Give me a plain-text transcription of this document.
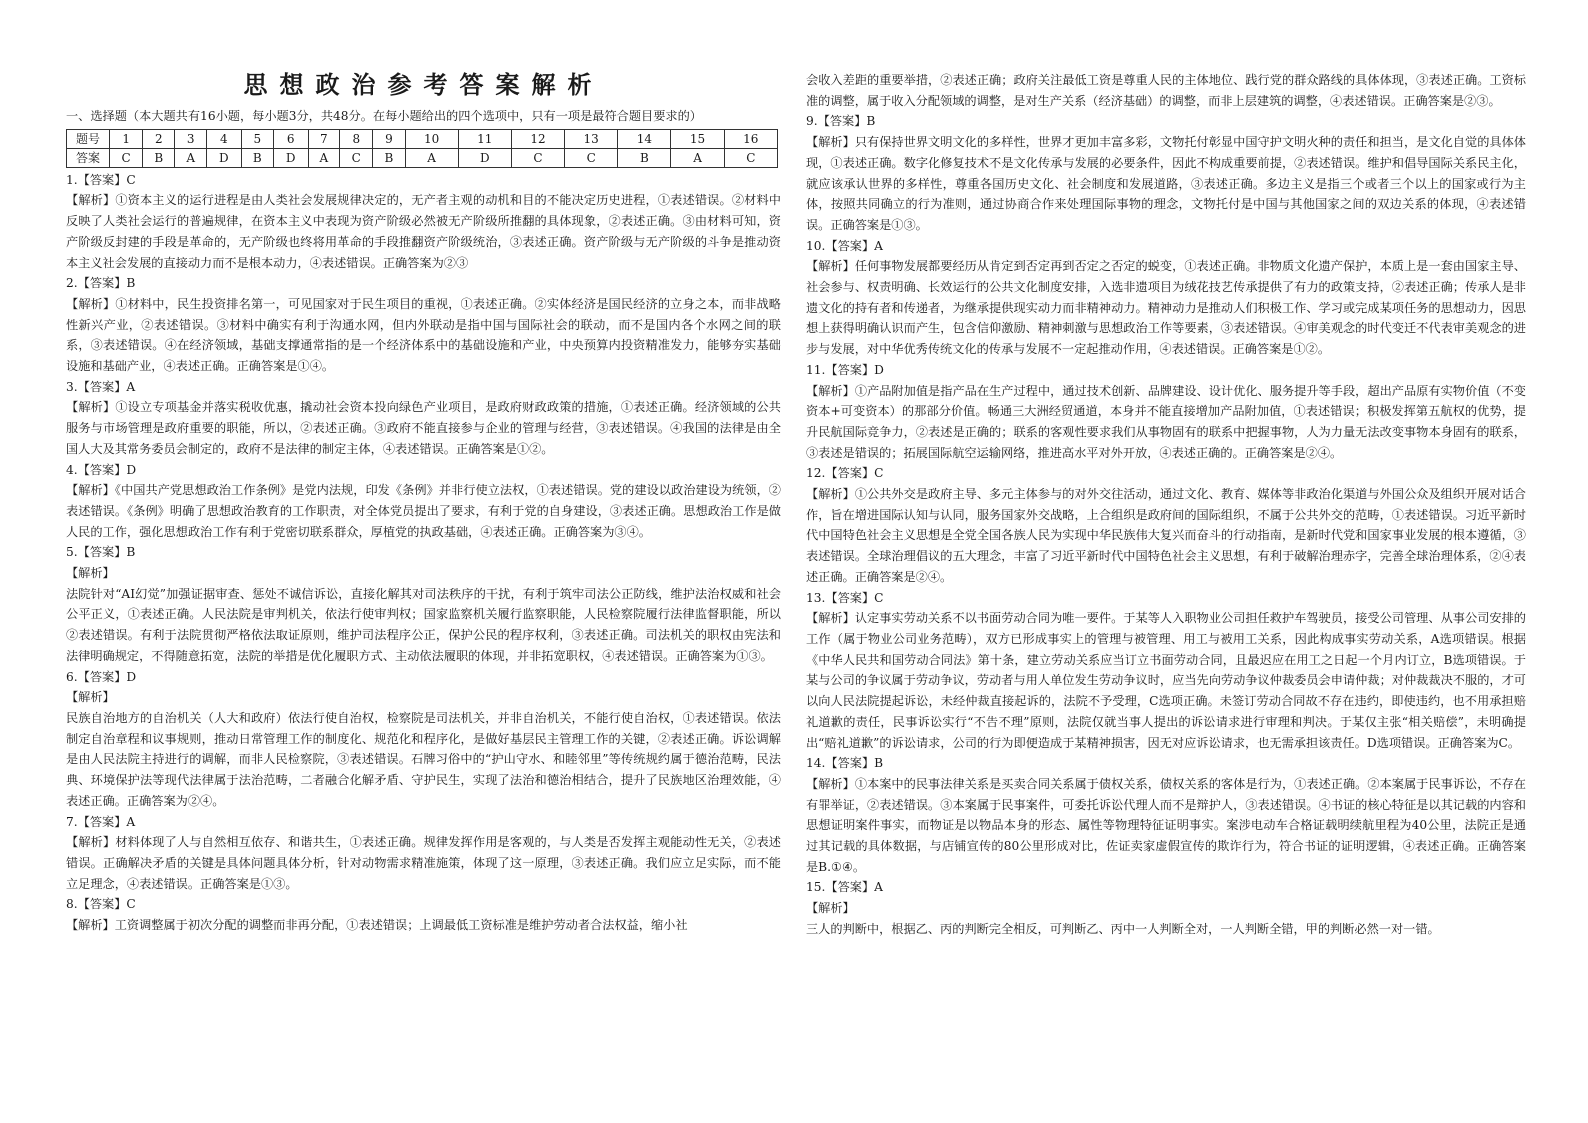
思想政治参考答案解析

一、选择题（本大题共有16小题，每小题3分，共48分。在每小题给出的四个选项中，只有一项是最符合题目要求的）

题号	1	2	3	4	5	6	7	8	9	10	11	12	13	14	15	16
答案	C	B	A	D	B	D	A	C	B	A	D	C	C	B	A	C

1.【答案】C

【解析】①资本主义的运行进程是由人类社会发展规律决定的，无产者主观的动机和目的不能决定历史进程，①表述错误。②材料中反映了人类社会运行的普遍规律，在资本主义中表现为资产阶级必然被无产阶级所推翻的具体现象，②表述正确。③由材料可知，资产阶级反封建的手段是革命的，无产阶级也终将用革命的手段推翻资产阶级统治，③表述正确。资产阶级与无产阶级的斗争是推动资本主义社会发展的直接动力而不是根本动力，④表述错误。正确答案为②③

2.【答案】B

【解析】①材料中，民生投资排名第一，可见国家对于民生项目的重视，①表述正确。②实体经济是国民经济的立身之本，而非战略性新兴产业，②表述错误。③材料中确实有利于沟通水网，但内外联动是指中国与国际社会的联动，而不是国内各个水网之间的联系，③表述错误。④在经济领域，基础支撑通常指的是一个经济体系中的基础设施和产业，中央预算内投资精准发力，能够夯实基础设施和基础产业，④表述正确。正确答案是①④。

3.【答案】A

【解析】①设立专项基金并落实税收优惠，撬动社会资本投向绿色产业项目，是政府财政政策的措施，①表述正确。经济领域的公共服务与市场管理是政府重要的职能，所以，②表述正确。③政府不能直接参与企业的管理与经营，③表述错误。④我国的法律是由全国人大及其常务委员会制定的，政府不是法律的制定主体，④表述错误。正确答案是①②。

4.【答案】D

【解析】《中国共产党思想政治工作条例》是党内法规，印发《条例》并非行使立法权，①表述错误。党的建设以政治建设为统领，②表述错误。《条例》明确了思想政治教育的工作职责，对全体党员提出了要求，有利于党的自身建设，③表述正确。思想政治工作是做人民的工作，强化思想政治工作有利于党密切联系群众，厚植党的执政基础，④表述正确。正确答案为③④。

5.【答案】B

【解析】

法院针对“AI幻觉”加强证据审查、惩处不诚信诉讼，直接化解其对司法秩序的干扰，有利于筑牢司法公正防线，维护法治权威和社会公平正义，①表述正确。人民法院是审判机关，依法行使审判权；国家监察机关履行监察职能，人民检察院履行法律监督职能，所以②表述错误。有利于法院贯彻严格依法取证原则，维护司法程序公正，保护公民的程序权利，③表述正确。司法机关的职权由宪法和法律明确规定，不得随意拓宽，法院的举措是优化履职方式、主动依法履职的体现，并非拓宽职权，④表述错误。正确答案为①③。

6.【答案】D

【解析】

民族自治地方的自治机关（人大和政府）依法行使自治权，检察院是司法机关，并非自治机关，不能行使自治权，①表述错误。依法制定自治章程和议事规则，推动日常管理工作的制度化、规范化和程序化，是做好基层民主管理工作的关键，②表述正确。诉讼调解是由人民法院主持进行的调解，而非人民检察院，③表述错误。石牌习俗中的“护山守水、和睦邻里”等传统规约属于德治范畴，民法典、环境保护法等现代法律属于法治范畴，二者融合化解矛盾、守护民生，实现了法治和德治相结合，提升了民族地区治理效能，④表述正确。正确答案为②④。

7.【答案】A

【解析】材料体现了人与自然相互依存、和谐共生，①表述正确。规律发挥作用是客观的，与人类是否发挥主观能动性无关，②表述错误。正确解决矛盾的关键是具体问题具体分析，针对动物需求精准施策，体现了这一原理，③表述正确。我们应立足实际，而不能立足理念，④表述错误。正确答案是①③。

8.【答案】C

【解析】工资调整属于初次分配的调整而非再分配，①表述错误；上调最低工资标准是维护劳动者合法权益，缩小社

会收入差距的重要举措，②表述正确；政府关注最低工资是尊重人民的主体地位、践行党的群众路线的具体体现，③表述正确。工资标准的调整，属于收入分配领域的调整，是对生产关系（经济基础）的调整，而非上层建筑的调整，④表述错误。正确答案是②③。

9.【答案】B

【解析】只有保持世界文明文化的多样性，世界才更加丰富多彩，文物托付彰显中国守护文明火种的责任和担当，是文化自觉的具体体现，①表述正确。数字化修复技术不是文化传承与发展的必要条件，因此不构成重要前提，②表述错误。维护和倡导国际关系民主化，就应该承认世界的多样性，尊重各国历史文化、社会制度和发展道路，③表述正确。多边主义是指三个或者三个以上的国家或行为主体，按照共同确立的行为准则，通过协商合作来处理国际事物的理念，文物托付是中国与其他国家之间的双边关系的体现，④表述错误。正确答案是①③。

10.【答案】A

【解析】任何事物发展都要经历从肯定到否定再到否定之否定的蜕变，①表述正确。非物质文化遗产保护，本质上是一套由国家主导、社会参与、权责明确、长效运行的公共文化制度安排，入选非遗项目为绒花技艺传承提供了有力的政策支持，②表述正确；传承人是非遗文化的持有者和传递者，为继承提供现实动力而非精神动力。精神动力是推动人们积极工作、学习或完成某项任务的思想动力，因思想上获得明确认识而产生，包含信仰激励、精神刺激与思想政治工作等要素，③表述错误。④审美观念的时代变迁不代表审美观念的进步与发展，对中华优秀传统文化的传承与发展不一定起推动作用，④表述错误。正确答案是①②。

11.【答案】D

【解析】①产品附加值是指产品在生产过程中，通过技术创新、品牌建设、设计优化、服务提升等手段，超出产品原有实物价值（不变资本+可变资本）的那部分价值。畅通三大洲经贸通道，本身并不能直接增加产品附加值，①表述错误；积极发挥第五航权的优势，提升民航国际竞争力，②表述是正确的；联系的客观性要求我们从事物固有的联系中把握事物，人为力量无法改变事物本身固有的联系，③表述是错误的；拓展国际航空运输网络，推进高水平对外开放，④表述正确的。正确答案是②④。

12.【答案】C

【解析】①公共外交是政府主导、多元主体参与的对外交往活动，通过文化、教育、媒体等非政治化渠道与外国公众及组织开展对话合作，旨在增进国际认知与认同，服务国家外交战略，上合组织是政府间的国际组织，不属于公共外交的范畴，①表述错误。习近平新时代中国特色社会主义思想是全党全国各族人民为实现中华民族伟大复兴而奋斗的行动指南，是新时代党和国家事业发展的根本遵循，③表述错误。全球治理倡议的五大理念，丰富了习近平新时代中国特色社会主义思想，有利于破解治理赤字，完善全球治理体系，②④表述正确。正确答案是②④。

13.【答案】C

【解析】认定事实劳动关系不以书面劳动合同为唯一要件。于某等人入职物业公司担任救护车驾驶员，接受公司管理、从事公司安排的工作（属于物业公司业务范畴），双方已形成事实上的管理与被管理、用工与被用工关系，因此构成事实劳动关系，A选项错误。根据《中华人民共和国劳动合同法》第十条，建立劳动关系应当订立书面劳动合同，且最迟应在用工之日起一个月内订立，B选项错误。于某与公司的争议属于劳动争议，劳动者与用人单位发生劳动争议时，应当先向劳动争议仲裁委员会申请仲裁；对仲裁裁决不服的，才可以向人民法院提起诉讼，未经仲裁直接起诉的，法院不予受理，C选项正确。未签订劳动合同故不存在违约，即使违约，也不用承担赔礼道歉的责任，民事诉讼实行“不告不理”原则，法院仅就当事人提出的诉讼请求进行审理和判决。于某仅主张“相关赔偿”，未明确提出“赔礼道歉”的诉讼请求，公司的行为即便造成于某精神损害，因无对应诉讼请求，也无需承担该责任。D选项错误。正确答案为C。

14.【答案】B

【解析】①本案中的民事法律关系是买卖合同关系属于债权关系，债权关系的客体是行为，①表述正确。②本案属于民事诉讼，不存在有罪举证，②表述错误。③本案属于民事案件，可委托诉讼代理人而不是辩护人，③表述错误。④书证的核心特征是以其记载的内容和思想证明案件事实，而物证是以物品本身的形态、属性等物理特征证明事实。案涉电动车合格证载明续航里程为40公里，法院正是通过其记载的具体数据，与店铺宣传的80公里形成对比，佐证卖家虚假宣传的欺诈行为，符合书证的证明逻辑，④表述正确。正确答案是B.①④。

15.【答案】A

【解析】

三人的判断中，根据乙、丙的判断完全相反，可判断乙、丙中一人判断全对，一人判断全错，甲的判断必然一对一错。
